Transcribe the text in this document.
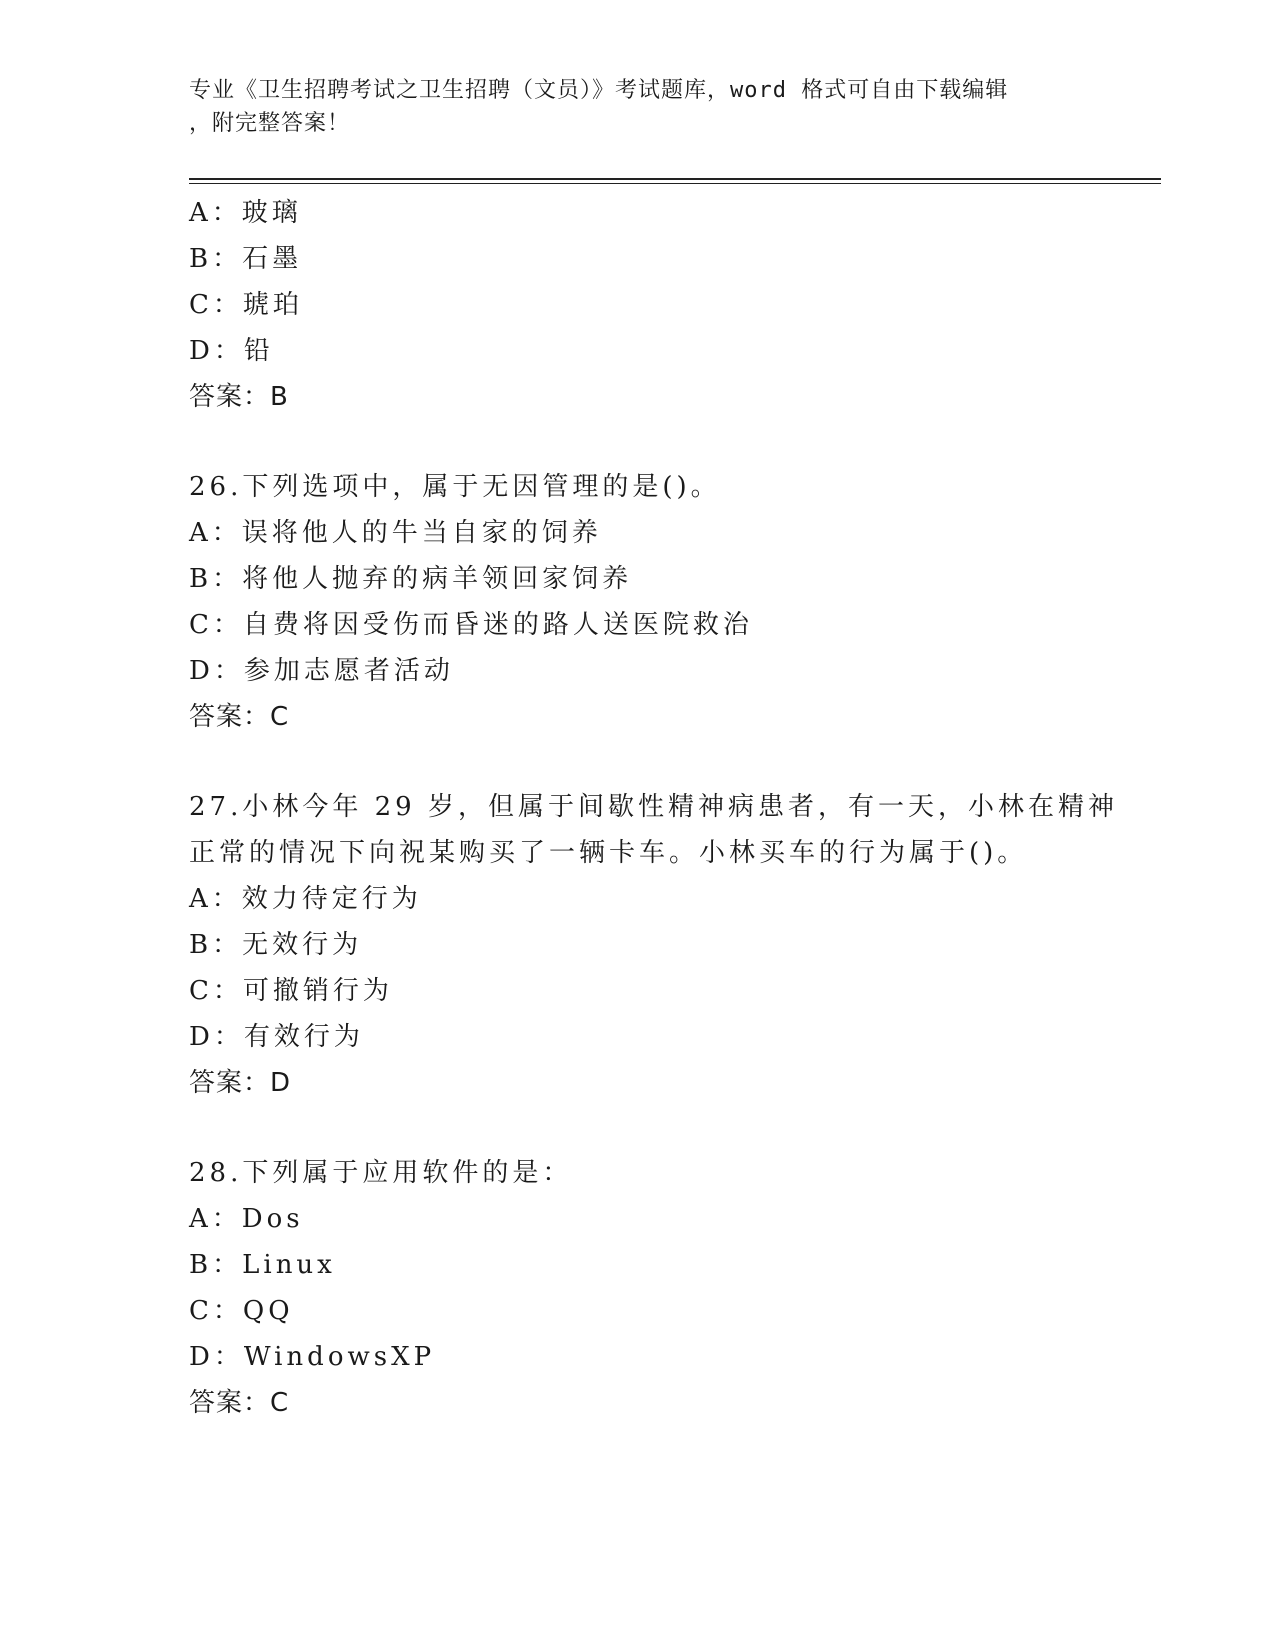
专业《卫生招聘考试之卫生招聘（文员）》考试题库，word 格式可自由下载编辑
，附完整答案！
A：玻璃
B：石墨
C：琥珀
D：铅
答案：B
26.下列选项中，属于无因管理的是()。
A：误将他人的牛当自家的饲养
B：将他人抛弃的病羊领回家饲养
C：自费将因受伤而昏迷的路人送医院救治
D：参加志愿者活动
答案：C
27.小林今年 29 岁，但属于间歇性精神病患者，有一天，小林在精神
正常的情况下向祝某购买了一辆卡车。小林买车的行为属于()。
A：效力待定行为
B：无效行为
C：可撤销行为
D：有效行为
答案：D
28.下列属于应用软件的是：
A：Dos
B：Linux
C：QQ
D：WindowsXP
答案：C
